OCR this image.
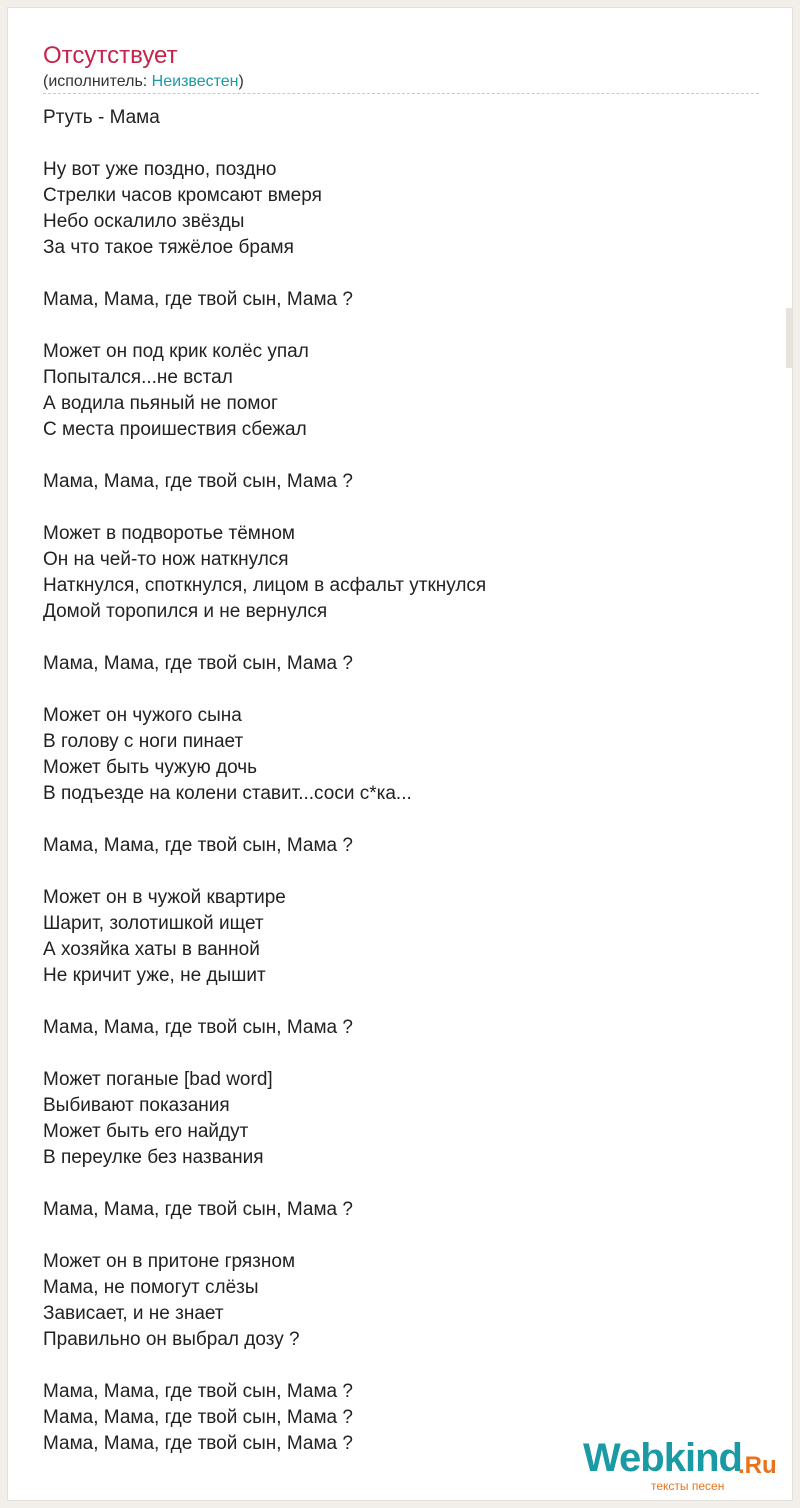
Отсутствует
(исполнитель: Неизвестен)
Ртуть - Мама
Ну вот уже поздно, поздно
Стрелки часов кромсают вмеря
Небо оскалило звёзды
За что такое тяжёлое брамя
Мама, Мама, где твой сын, Мама ?
Может он под крик колёс упал
Попытался...не встал
А водила пьяный не помог
С места проишествия сбежал
Мама, Мама, где твой сын, Мама ?
Может в подворотье тёмном
Он на чей-то нож наткнулся
Наткнулся, споткнулся, лицом в асфальт уткнулся
Домой торопился и не вернулся
Мама, Мама, где твой сын, Мама ?
Может он чужого сына
В голову с ноги пинает
Может быть чужую дочь
В подъезде на колени ставит...соси с*ка...
Мама, Мама, где твой сын, Мама ?
Может он в чужой квартире
Шарит, золотишкой ищет
А хозяйка хаты в ванной
Не кричит уже, не дышит
Мама, Мама, где твой сын, Мама ?
Может поганые [bad word]
Выбивают показания
Может быть его найдут
В переулке без названия
Мама, Мама, где твой сын, Мама ?
Может он в притоне грязном
Мама, не помогут слёзы
Зависает, и не знает
Правильно он выбрал дозу ?
Мама, Мама, где твой сын, Мама ?
Мама, Мама, где твой сын, Мама ?
Мама, Мама, где твой сын, Мама ?	Webkind
.Ru
тексты песен
